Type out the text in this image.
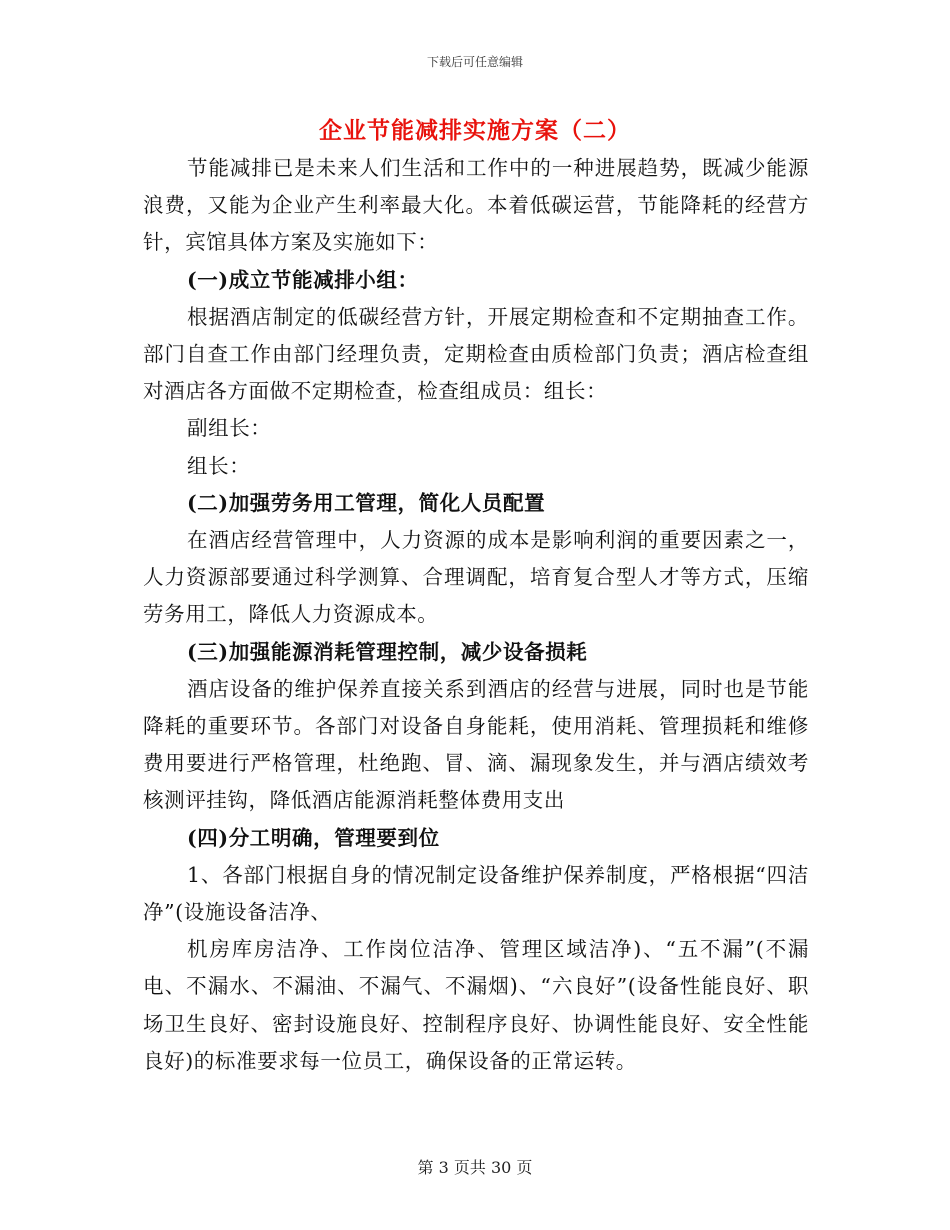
下载后可任意编辑
企业节能减排实施方案（二）

节能减排已是未来人们生活和工作中的一种进展趋势，既减少能源浪费，又能为企业产生利率最大化。本着低碳运营，节能降耗的经营方针，宾馆具体方案及实施如下：

(一)成立节能减排小组：

根据酒店制定的低碳经营方针，开展定期检查和不定期抽查工作。部门自查工作由部门经理负责，定期检查由质检部门负责；酒店检查组对酒店各方面做不定期检查，检查组成员：组长：

副组长：

组长：

(二)加强劳务用工管理，简化人员配置

在酒店经营管理中，人力资源的成本是影响利润的重要因素之一，人力资源部要通过科学测算、合理调配，培育复合型人才等方式，压缩劳务用工，降低人力资源成本。

(三)加强能源消耗管理控制，减少设备损耗

酒店设备的维护保养直接关系到酒店的经营与进展，同时也是节能降耗的重要环节。各部门对设备自身能耗，使用消耗、管理损耗和维修费用要进行严格管理，杜绝跑、冒、滴、漏现象发生，并与酒店绩效考核测评挂钩，降低酒店能源消耗整体费用支出

(四)分工明确，管理要到位

1、各部门根据自身的情况制定设备维护保养制度，严格根据“四洁净”(设施设备洁净、

机房库房洁净、工作岗位洁净、管理区域洁净)、“五不漏”(不漏电、不漏水、不漏油、不漏气、不漏烟)、“六良好”(设备性能良好、职场卫生良好、密封设施良好、控制程序良好、协调性能良好、安全性能良好)的标准要求每一位员工，确保设备的正常运转。

第 3 页共 30 页
